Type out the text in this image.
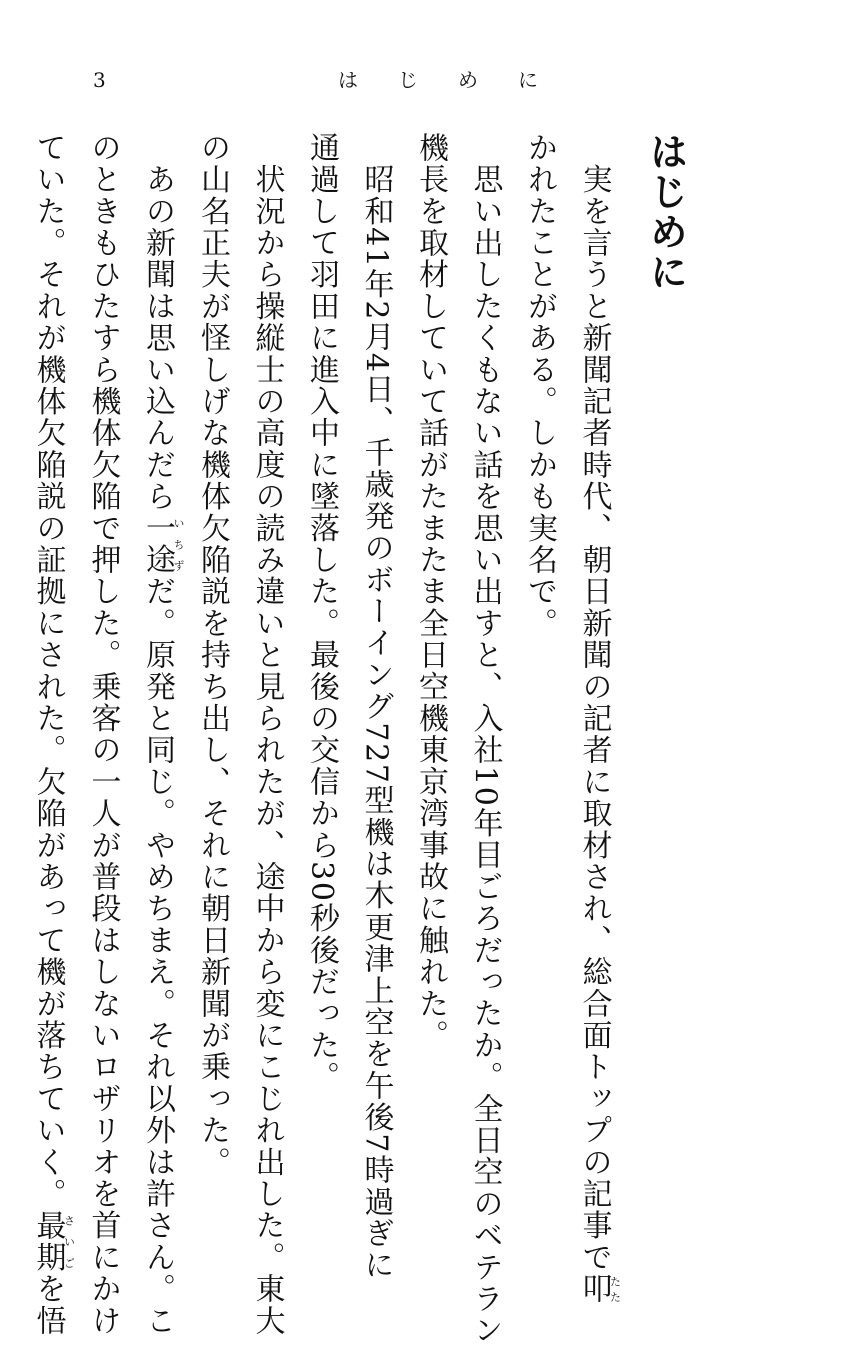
3	はじめに
はじめに

　実を言うと新聞記者時代、朝日新聞の記者に取材され、総合面トップの記事で叩たた
かれたことがある。しかも実名で。

　思い出したくもない話を思い出すと、入社10年目ごろだったか。全日空のベテラン
機長を取材していて話がたまたま全日空機東京湾事故に触れた。

　昭和41年2月4日、千歳発のボーイング727型機は木更津上空を午後7時過ぎに
通過して羽田に進入中に墜落した。最後の交信から30秒後だった。

　状況から操縦士の高度の読み違いと見られたが、途中から変にこじれ出した。東大
の山名正夫が怪しげな機体欠陥説を持ち出し、それに朝日新聞が乗った。

　あの新聞は思い込んだら一途いちずだ。原発と同じ。やめちまえ。それ以外は許さん。こ
のときもひたすら機体欠陥で押した。乗客の一人が普段はしないロザリオを首にかけ
ていた。それが機体欠陥説の証拠にされた。欠陥があって機が落ちていく。最期さいごを悟
